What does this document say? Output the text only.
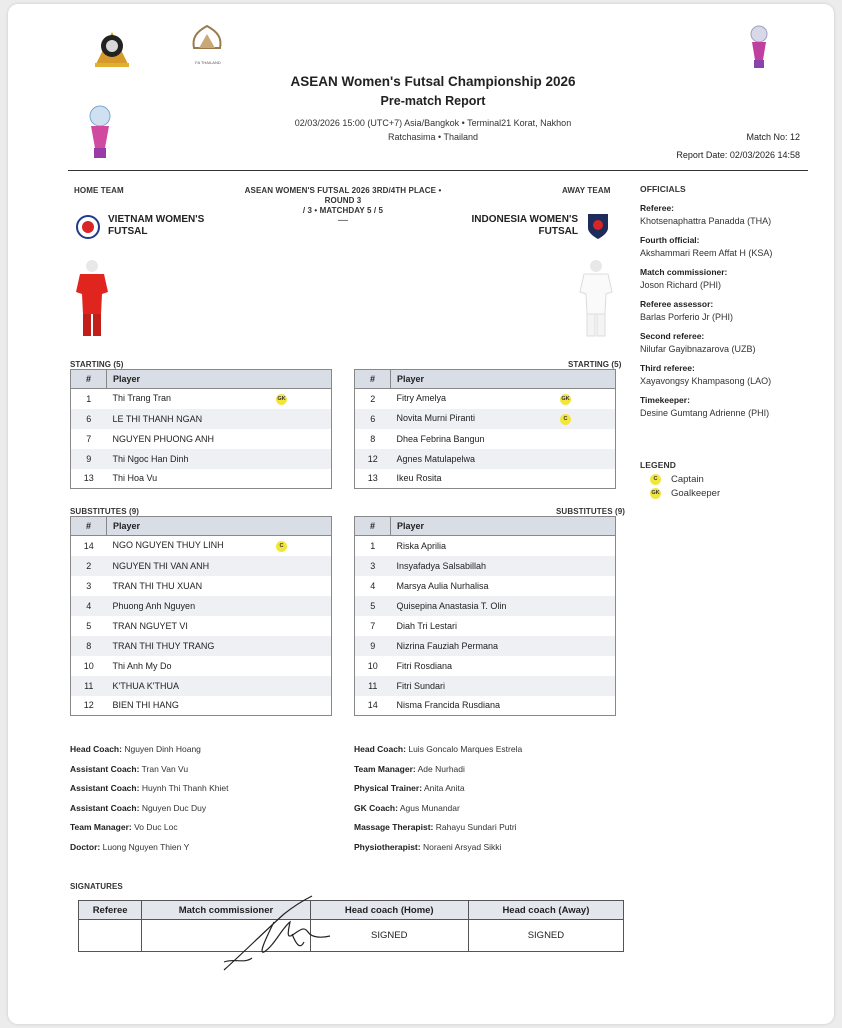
FA THAILAND
ASEAN Women's Futsal Championship 2026
Pre-match Report
02/03/2026 15:00 (UTC+7) Asia/Bangkok • Terminal21 Korat, Nakhon
Ratchasima • Thailand	Match No: 12
Report Date: 02/03/2026 14:58
HOME TEAM	ASEAN WOMEN'S FUTSAL 2026 3RD/4TH PLACE • ROUND 3
/ 3 • MATCHDAY 5 / 5
—
AWAY TEAM
VIETNAM WOMEN'S
FUTSAL
INDONESIA WOMEN'S
FUTSAL
STARTING (5)	STARTING (5)
#	Player
1	Thi Trang Tran GK

6	LE THI THANH NGAN
7	NGUYEN PHUONG ANH
9	Thi Ngoc Han Dinh
13	Thi Hoa Vu
#	Player
2	Fitry Amelya GK

6	Novita Murni Piranti C

8	Dhea Febrina Bangun
12	Agnes Matulapelwa
13	Ikeu Rosita
SUBSTITUTES (9)	SUBSTITUTES (9)
#	Player
14	NGO NGUYEN THUY LINH C

2	NGUYEN THI VAN ANH
3	TRAN THI THU XUAN
4	Phuong Anh Nguyen
5	TRAN NGUYET VI
8	TRAN THI THUY TRANG
10	Thi Anh My Do
11	K'THUA K'THUA
12	BIEN THI HANG
#	Player
1	Riska Aprilia
3	Insyafadya Salsabillah
4	Marsya Aulia Nurhalisa
5	Quisepina Anastasia T. Olin
7	Diah Tri Lestari
9	Nizrina Fauziah Permana
10	Fitri Rosdiana
11	Fitri Sundari
14	Nisma Francida Rusdiana
OFFICIALS
Referee:
Khotsenaphattra Panadda (THA)
Fourth official:
Akshammari Reem Affat H (KSA)
Match commissioner:
Joson Richard (PHI)
Referee assessor:
Barlas Porferio Jr (PHI)
Second referee:
Nilufar Gayibnazarova (UZB)
Third referee:
Xayavongsy Khampasong (LAO)
Timekeeper:
Desine Gumtang Adrienne (PHI)
LEGEND
C	Captain
GK Goalkeeper
Head Coach: Nguyen Dinh Hoang
Assistant Coach: Tran Van Vu
Assistant Coach: Huynh Thi Thanh Khiet
Assistant Coach: Nguyen Duc Duy
Team Manager: Vo Duc Loc
Doctor: Luong Nguyen Thien Y
Head Coach: Luis Goncalo Marques Estrela
Team Manager: Ade Nurhadi
Physical Trainer: Anita Anita
GK Coach: Agus Munandar
Massage Therapist: Rahayu Sundari Putri
Physiotherapist: Noraeni Arsyad Sikki
SIGNATURES
Referee	Match commissioner	Head coach (Home)	Head coach (Away)
		SIGNED	SIGNED
